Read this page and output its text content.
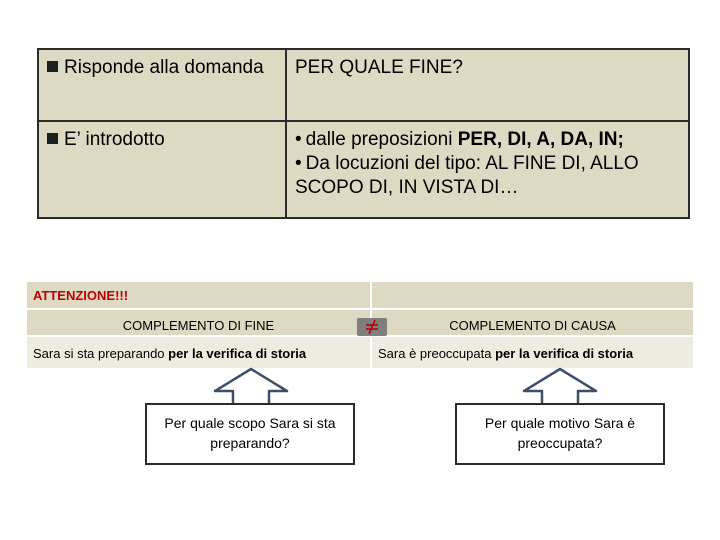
Risponde alla domanda	PER QUALE FINE?
E’ introdotto	• dalle preposizioni PER, DI, A, DA, IN;
• Da locuzioni del tipo: AL FINE DI, ALLO SCOPO DI, IN VISTA DI…
ATTENZIONE!!!
COMPLEMENTO DI FINE	COMPLEMENTO DI CAUSA
Sara si sta preparando per la verifica di storia	Sara è preoccupata per la verifica di storia
Per quale scopo Sara si sta preparando?
Per quale motivo Sara è preoccupata?
